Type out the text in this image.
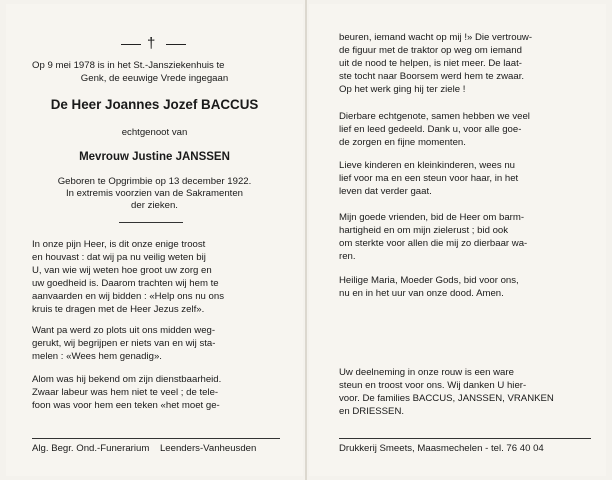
†

Op 9 mei 1978 is in het St.-Jansziekenhuis te

Genk, de eeuwige Vrede ingegaan

De Heer Joannes Jozef BACCUS

echtgenoot van

Mevrouw Justine JANSSEN

Geboren te Opgrimbie op 13 december 1922.

In extremis voorzien van de Sakramenten

der zieken.

In onze pijn Heer, is dit onze enige troost

en houvast : dat wij pa nu veilig weten bij

U, van wie wij weten hoe groot uw zorg en

uw goedheid is. Daarom trachten wij hem te

aanvaarden en wij bidden : «Help ons nu ons

kruis te dragen met de Heer Jezus zelf».

Want pa werd zo plots uit ons midden weg-

gerukt, wij begrijpen er niets van en wij sta-

melen : «Wees hem genadig».

Alom was hij bekend om zijn dienstbaarheid.

Zwaar labeur was hem niet te veel ; de tele-

foon was voor hem een teken «het moet ge-

Alg. Begr. Ond.-Funerarium    Leenders-Vanheusden

beuren, iemand wacht op mij !» Die vertrouw-

de figuur met de traktor op weg om iemand

uit de nood te helpen, is niet meer. De laat-

ste tocht naar Boorsem werd hem te zwaar.

Op het werk ging hij ter ziele !

Dierbare echtgenote, samen hebben we veel

lief en leed gedeeld. Dank u, voor alle goe-

de zorgen en fijne momenten.

Lieve kinderen en kleinkinderen, wees nu

lief voor ma en een steun voor haar, in het

leven dat verder gaat.

Mijn goede vrienden, bid de Heer om barm-

hartigheid en om mijn zielerust ; bid ook

om sterkte voor allen die mij zo dierbaar wa-

ren.

Heilige Maria, Moeder Gods, bid voor ons,

nu en in het uur van onze dood. Amen.

Uw deelneming in onze rouw is een ware

steun en troost voor ons. Wij danken U hier-

voor. De families BACCUS, JANSSEN, VRANKEN

en DRIESSEN.

Drukkerij Smeets, Maasmechelen - tel. 76 40 04
